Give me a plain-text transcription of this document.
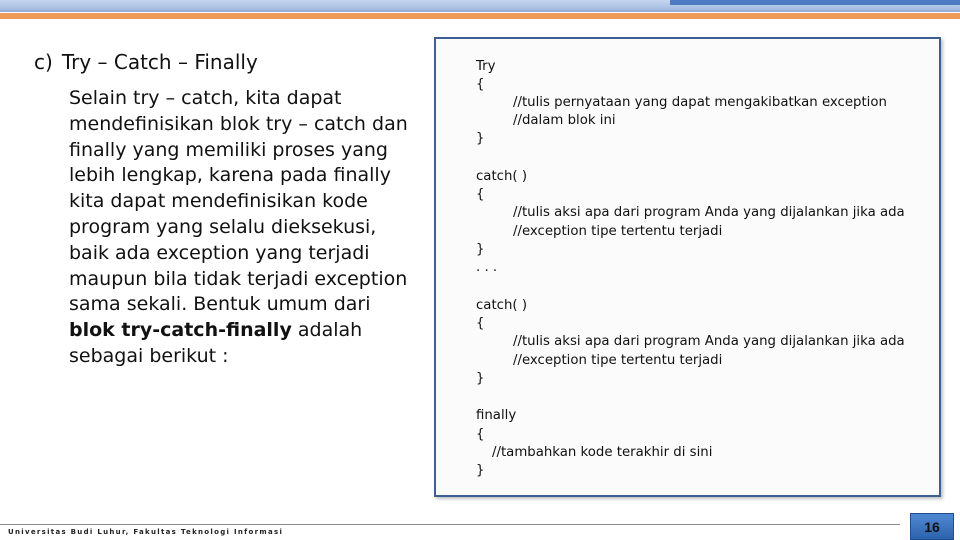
c) Try – Catch – Finally
Selain try – catch, kita dapat mendefinisikan blok try – catch dan finally yang memiliki proses yang lebih lengkap, karena pada finally kita dapat mendefinisikan kode program yang selalu dieksekusi, baik ada exception yang terjadi maupun bila tidak terjadi exception sama sekali. Bentuk umum dari blok try-catch-finally adalah sebagai berikut :
Try
{
//tulis pernyataan yang dapat mengakibatkan exception
//dalam blok ini
}
catch( )
{
//tulis aksi apa dari program Anda yang dijalankan jika ada
//exception tipe tertentu terjadi
}
. . .
catch( )
{
//tulis aksi apa dari program Anda yang dijalankan jika ada
//exception tipe tertentu terjadi
}
finally
{
//tambahkan kode terakhir di sini
}
Universitas Budi Luhur, Fakultas Teknologi Informasi	16
